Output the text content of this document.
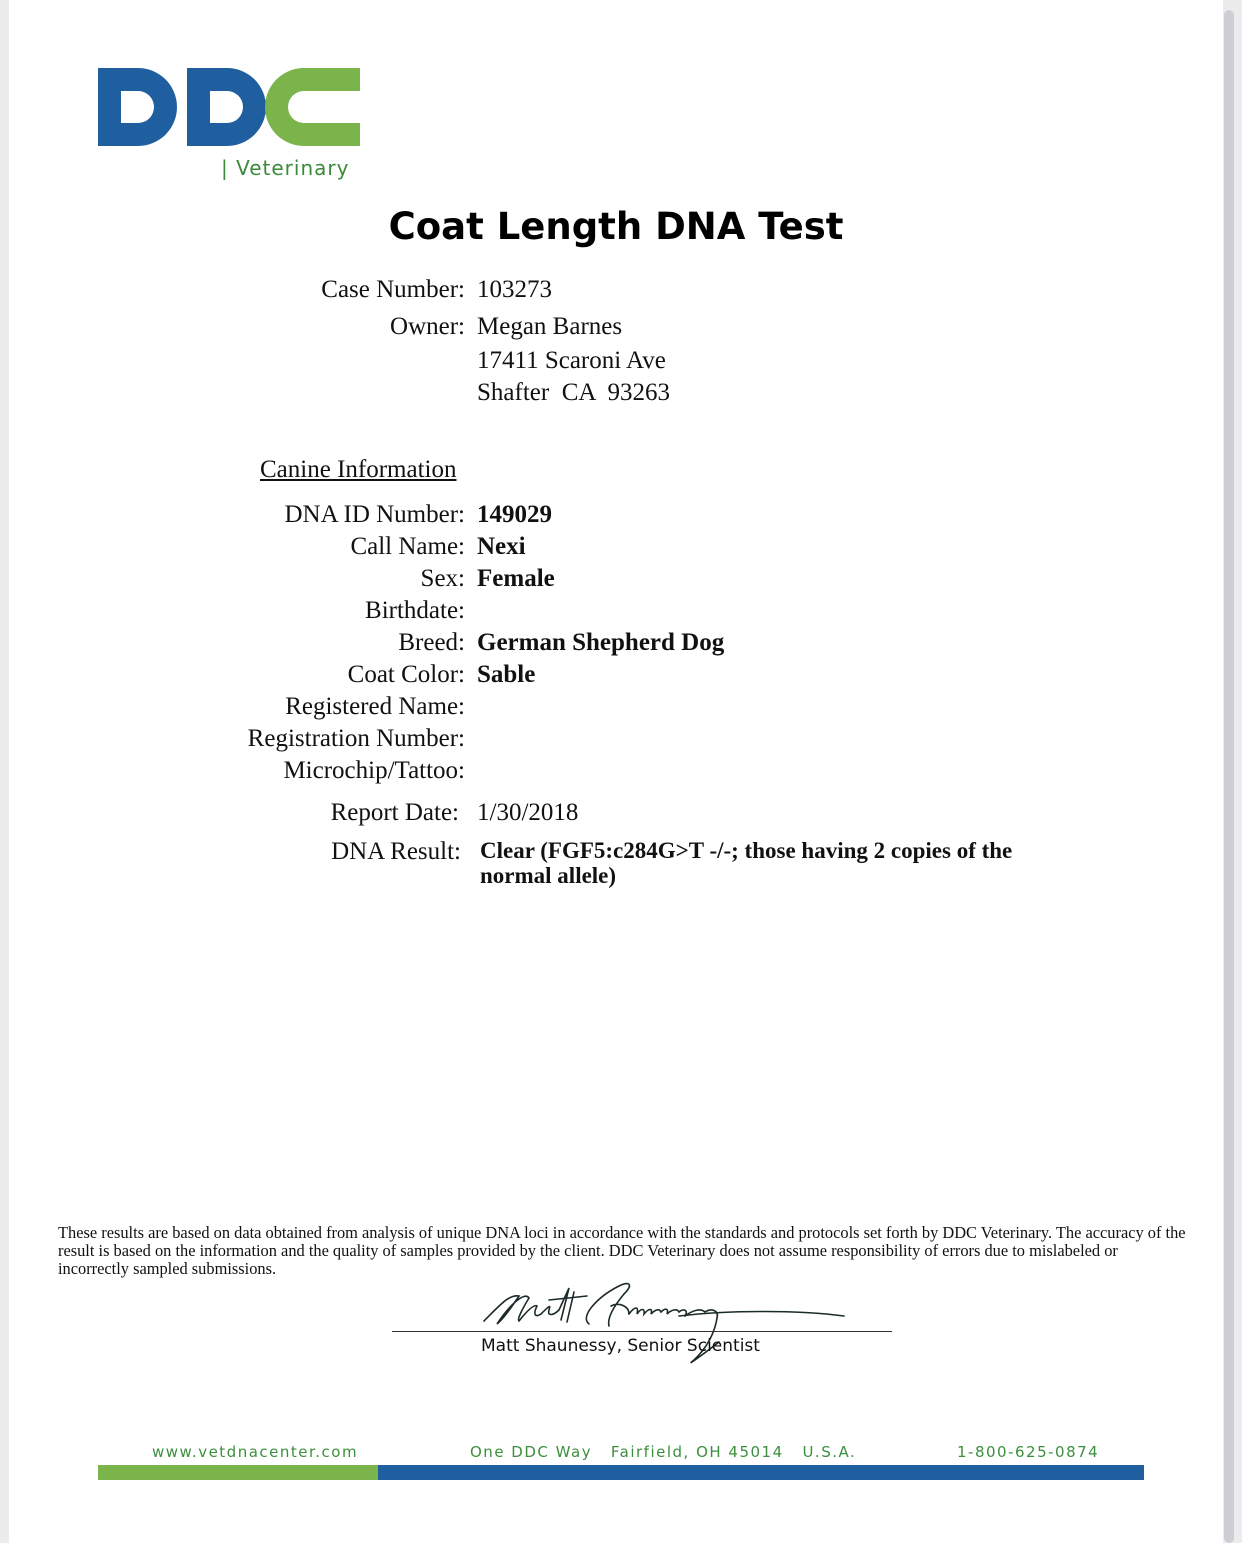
| Veterinary
Coat Length DNA Test
Case Number: 103273
Owner: Megan Barnes
17411 Scaroni Ave
Shafter  CA  93263
Canine Information
DNA ID Number: 149029
Call Name: Nexi
Sex: Female
Birthdate:
Breed: German Shepherd Dog
Coat Color: Sable
Registered Name:
Registration Number:
Microchip/Tattoo:
Report Date: 1/30/2018
DNA Result: Clear (FGF5:c284G>T -/-; those having 2 copies of the normal allele)
These results are based on data obtained from analysis of unique DNA loci in accordance with the standards and protocols set forth by DDC Veterinary. The accuracy of the result is based on the information and the quality of samples provided by the client. DDC Veterinary does not assume responsibility of errors due to mislabeled or incorrectly sampled submissions.
Matt Shaunessy, Senior Scientist
www.vetdnacenter.com	One DDC Way   Fairfield, OH 45014   U.S.A.	1-800-625-0874
